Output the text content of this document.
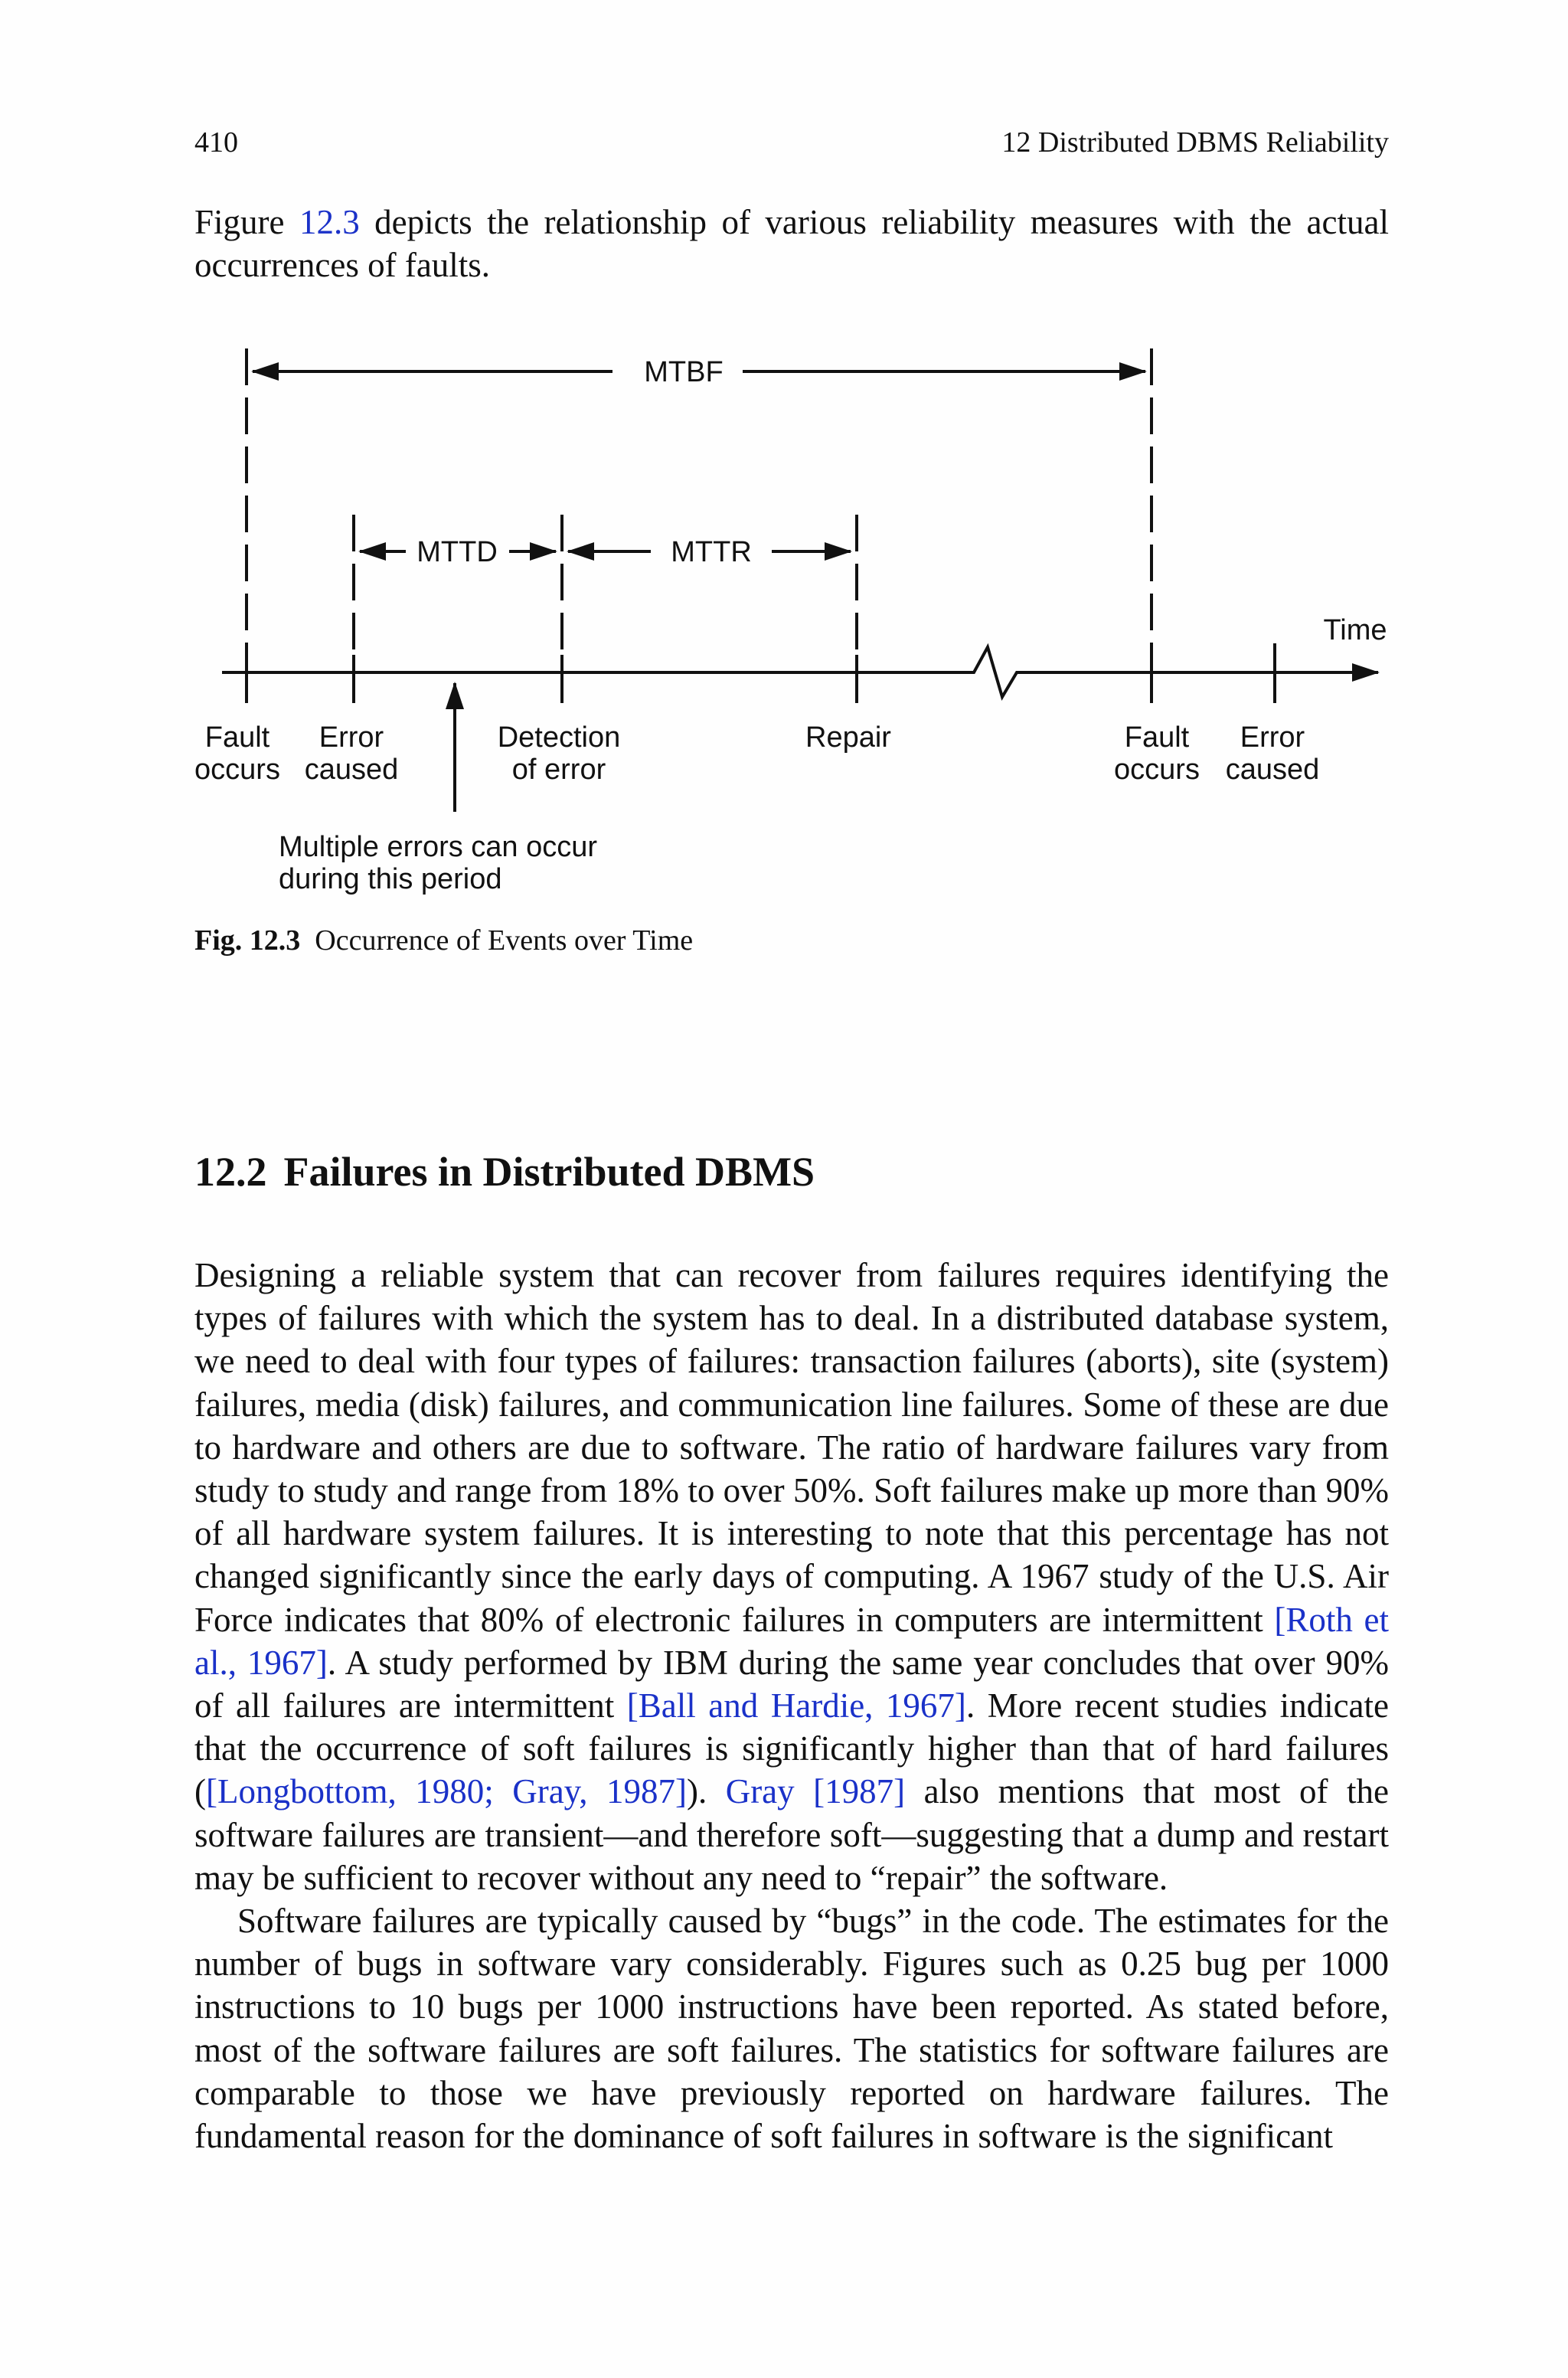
410	12 Distributed DBMS Reliability
Figure 12.3 depicts the relationship of various reliability measures with the actual occurrences of faults.
MTBF
MTTD	MTTR
Time
Fault
occurs
Error
caused
Detection
of error
Repair	Fault
occurs
Error
caused
Multiple errors can occur
during this period
Fig. 12.3 Occurrence of Events over Time
12.2 Failures in Distributed DBMS

Designing a reliable system that can recover from failures requires identifying the types of failures with which the system has to deal. In a distributed database system, we need to deal with four types of failures: transaction failures (aborts), site (system) failures, media (disk) failures, and communication line failures. Some of these are due to hardware and others are due to software. The ratio of hardware failures vary from study to study and range from 18% to over 50%. Soft failures make up more than 90% of all hardware system failures. It is interesting to note that this percentage has not changed significantly since the early days of computing. A 1967 study of the U.S. Air Force indicates that 80% of electronic failures in computers are intermittent [Roth et al., 1967]. A study performed by IBM during the same year concludes that over 90% of all failures are intermittent [Ball and Hardie, 1967]. More recent studies indicate that the occurrence of soft failures is significantly higher than that of hard failures ([Longbottom, 1980; Gray, 1987]). Gray [1987] also mentions that most of the software failures are transient—and therefore soft—suggesting that a dump and restart may be sufficient to recover without any need to “repair” the software.

Software failures are typically caused by “bugs” in the code. The estimates for the number of bugs in software vary considerably. Figures such as 0.25 bug per 1000 instructions to 10 bugs per 1000 instructions have been reported. As stated before, most of the software failures are soft failures. The statistics for software failures are comparable to those we have previously reported on hardware failures. The fundamental reason for the dominance of soft failures in software is the significant
